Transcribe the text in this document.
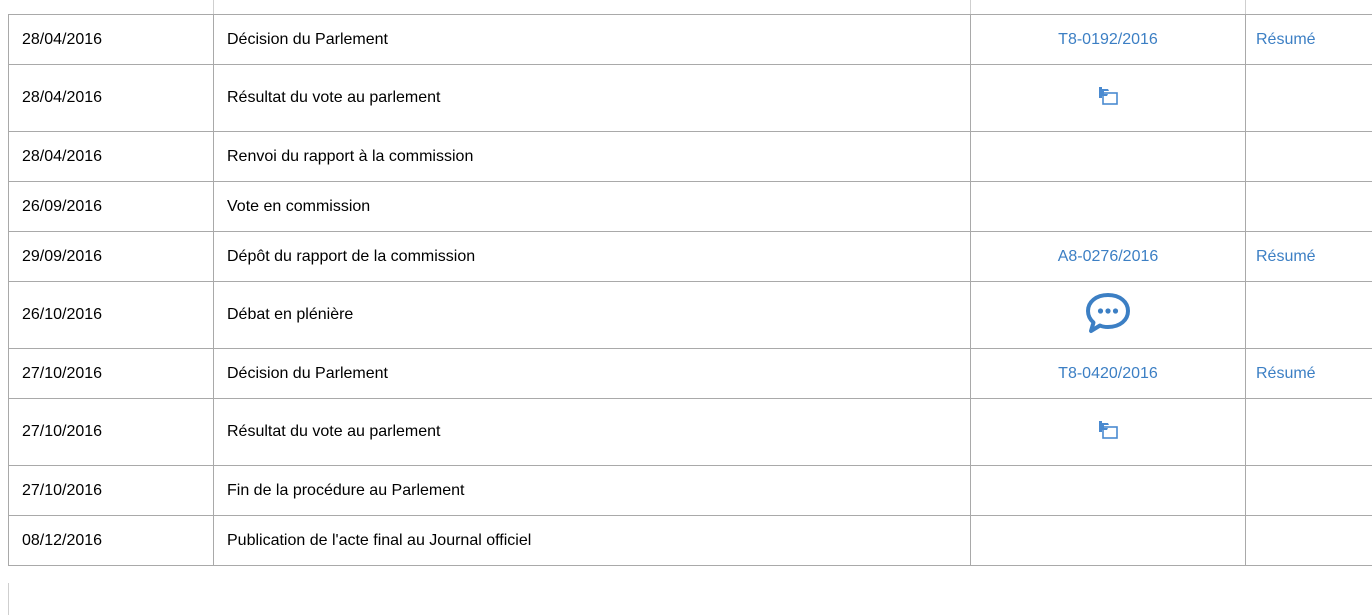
28/04/2016	Décision du Parlement	T8-0192/2016	Résumé
28/04/2016	Résultat du vote au parlement		
28/04/2016	Renvoi du rapport à la commission		
26/09/2016	Vote en commission		
29/09/2016	Dépôt du rapport de la commission	A8-0276/2016	Résumé
26/10/2016	Débat en plénière		
27/10/2016	Décision du Parlement	T8-0420/2016	Résumé
27/10/2016	Résultat du vote au parlement		
27/10/2016	Fin de la procédure au Parlement		
08/12/2016	Publication de l'acte final au Journal officiel		
